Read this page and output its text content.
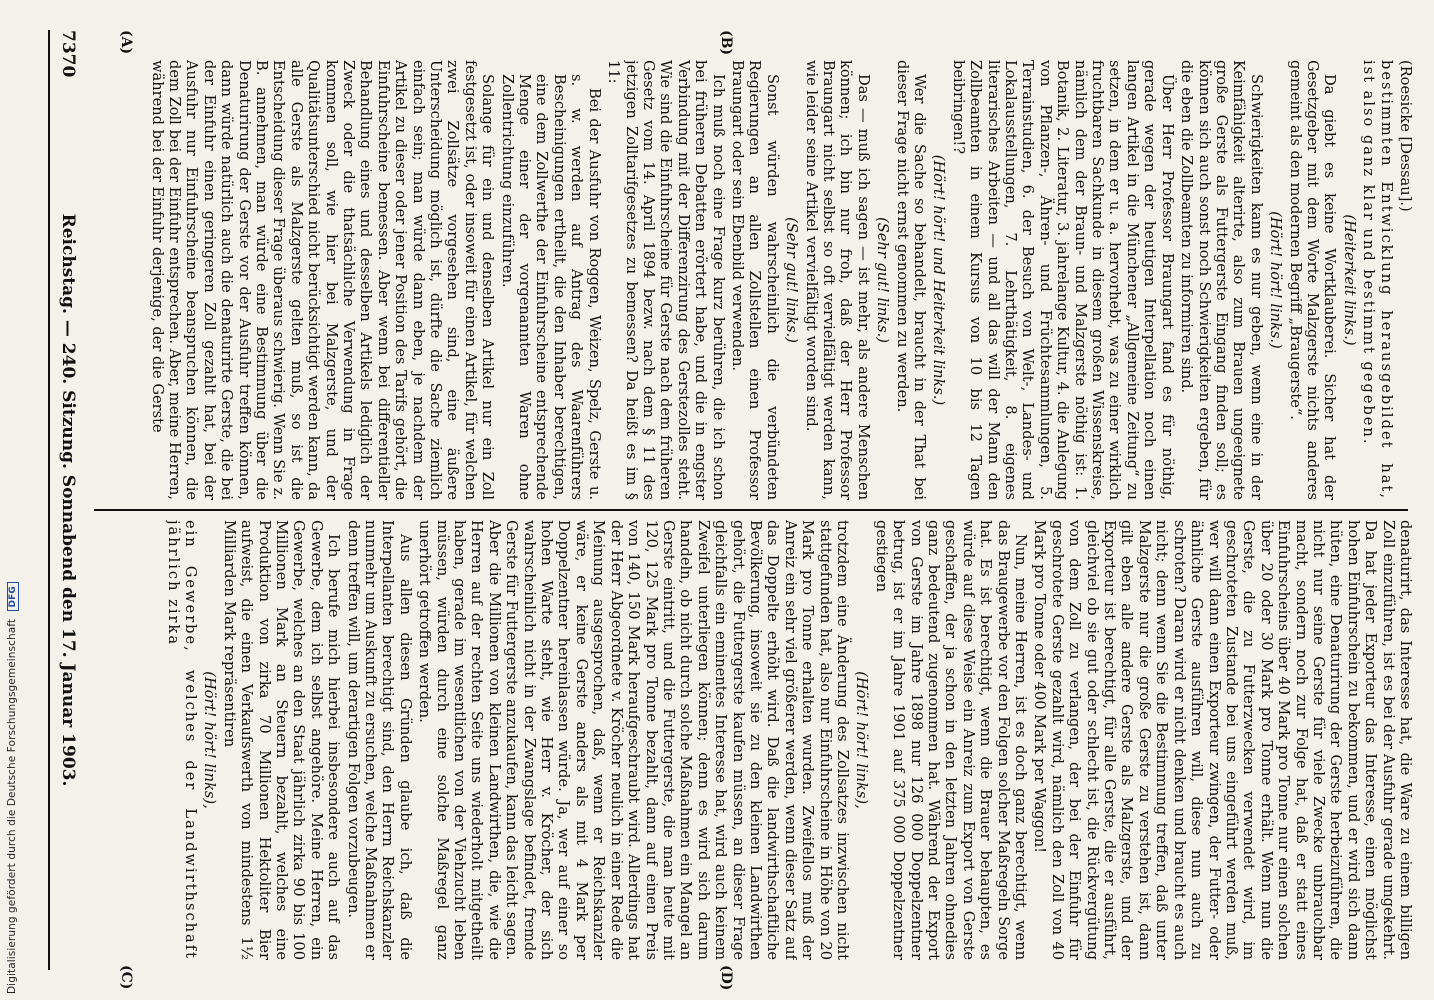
7370
Reichstag. — 240. Sitzung. Sonnabend den 17. Januar 1903.
(A)	(B)
(C)	(D)

(Roesicke [Dessau].)

bestimmten Entwicklung herausgebildet hat, ist also ganz klar und bestimmt gegeben.

(Heiterkeit links.)

Da giebt es keine Wortklauberei. Sicher hat der Gesetzgeber mit dem Worte Malzgerste nichts anderes gemeint als den modernen Begriff „Braugerste“.

(Hört! hört! links.)

Schwierigkeiten kann es nur geben, wenn eine in der Keimfähigkeit alterirte, also zum Brauen ungeeignete große Gerste als Futtergerste Eingang finden soll; es können sich auch sonst noch Schwierigkeiten ergeben, für die eben die Zollbeamten zu informiren sind.

Über Herr Professor Braungart fand es für nöthig, gerade wegen der heutigen Interpellation noch einen langen Artikel in die Münchener „Allgemeine Zeitung“ zu setzen, in dem er u. a. hervorhebt, was zu einer wirklich fruchtbaren Sachkunde in diesem großen Wissenskreise, nämlich dem der Braun- und Malzgerste nöthig ist: 1. Botanik, 2. Literatur, 3. jahrelange Kultur, 4. die Anlegung von Pflanzen-, Ähren- und Früchtesammlungen, 5. Terrainstudien, 6. der Besuch von Welt-, Landes- und Lokalausstellungen, 7. Lehrthätigkeit, 8. eigenes literarisches Arbeiten — und all das will der Mann den Zollbeamten in einem Kursus von 10 bis 12 Tagen beibringen!?

(Hört! hört! und Heiterkeit links.)

Wer die Sache so behandelt, braucht in der That bei dieser Frage nicht ernst genommen zu werden.

(Sehr gut! links.)

Das — muß ich sagen — ist mehr, als andere Menschen können; ich bin nur froh, daß der Herr Professor Braungart nicht selbst so oft vervielfältigt werden kann, wie leider seine Artikel vervielfältigt worden sind.

(Sehr gut! links.)

Sonst würden wahrscheinlich die verbündeten Regierungen an allen Zollstellen einen Professor Braungart oder sein Ebenbild verwenden.

Ich muß noch eine Frage kurz berühren, die ich schon bei früheren Debatten erörtert habe, und die in engster Verbindung mit der Differenzirung des Gerstezolles steht. Wie sind die Einfuhrscheine für Gerste nach dem früheren Gesetz vom 14. April 1894 bezw. nach dem § 11 des jetzigen Zolltarifgesetzes zu bemessen? Da heißt es im § 11:

Bei der Ausfuhr von Roggen, Weizen, Spelz, Gerste u. s. w. werden auf Antrag des Waarenführers Bescheinigungen ertheilt, die den Inhaber berechtigen, eine dem Zollwerthe der Einfuhrscheine entsprechende Menge einer der vorgenannten Waren ohne Zollentrichtung einzuführen.

Solange für ein und denselben Artikel nur ein Zoll festgesetzt ist, oder insoweit für einen Artikel, für welchen zwei Zollsätze vorgesehen sind, eine äußere Unterscheidung möglich ist, dürfte die Sache ziemlich einfach sein; man würde dann eben, je nachdem der Artikel zu dieser oder jener Position des Tarifs gehört, die Einfuhrscheine bemessen. Aber wenn bei differentieller Behandlung eines und desselben Artikels lediglich der Zweck oder die thatsächliche Verwendung in Frage kommen soll, wie hier bei Malzgerste, und der Qualitätsunterschied nicht berücksichtigt werden kann, da alle Gerste als Malzgerste gelten muß, so ist die Entscheidung dieser Frage überaus schwierig. Wenn Sie z. B. annehmen, man würde eine Bestimmung über die Denaturirung der Gerste vor der Ausfuhr treffen können, dann würde natürlich auch die denaturirte Gerste, die bei der Einfuhr einen geringeren Zoll gezahlt hat, bei der Ausfuhr nur Einfuhrscheine beanspruchen können, die dem Zoll bei der Einfuhr entsprechen. Aber, meine Herren, während bei der Einfuhr derjenige, der die Gerste

denaturirt, das Interesse hat, die Ware zu einem billigen Zoll einzuführen, ist es bei der Ausfuhr gerade umgekehrt. Da hat jeder Exporteur das Interesse, einen möglichst hohen Einfuhrschein zu bekommen, und er wird sich dann hüten, eine Denaturirung der Gerste herbeizuführen, die nicht nur seine Gerste für viele Zwecke unbrauchbar macht, sondern noch zur Folge hat, daß er statt eines Einfuhrscheins über 40 Mark pro Tonne nur einen solchen über 20 oder 30 Mark pro Tonne erhält. Wenn nun die Gerste, die zu Futterzwecken verwendet wird, im geschroteten Zustande bei uns eingeführt werden muß, wer will dann einen Exporteur zwingen, der Futter- oder ähnliche Gerste ausführen will, diese nun auch zu schroten? Daran wird er nicht denken und braucht es auch nicht; denn wenn Sie die Bestimmung treffen, daß unter Malzgerste nur die große Gerste zu verstehen ist, dann gilt eben alle andere Gerste als Malzgerste, und der Exporteur ist berechtigt, für alle Gerste, die er ausführt, gleichviel ob sie gut oder schlecht ist, die Rückvergütung von dem Zoll zu verlangen, der bei der Einfuhr für geschrotete Gerste gezahlt wird, nämlich den Zoll von 40 Mark pro Tonne oder 400 Mark per Waggon!

Nun, meine Herren, ist es doch ganz berechtigt, wenn das Braugewerbe vor den Folgen solcher Maßregeln Sorge hat. Es ist berechtigt, wenn die Brauer behaupten, es würde auf diese Weise ein Anreiz zum Export von Gerste geschaffen, der ja schon in den letzten Jahren ohnedies ganz bedeutend zugenommen hat. Während der Export von Gerste im Jahre 1898 nur 126 000 Doppelzentner betrug, ist er im Jahre 1901 auf 375 000 Doppelzentner gestiegen

(Hört! hört! links),

trotzdem eine Änderung des Zollsatzes inzwischen nicht stattgefunden hat, also nur Einfuhrscheine in Höhe von 20 Mark pro Tonne erhalten wurden. Zweifellos muß der Anreiz ein sehr viel größerer werden, wenn dieser Satz auf das Doppelte erhöht wird. Daß die landwirthschaftliche Bevölkerung, insoweit sie zu den kleinen Landwirthen gehört, die Futtergerste kaufen müssen, an dieser Frage gleichfalls ein eminentes Interesse hat, wird auch keinem Zweifel unterliegen können; denn es wird sich darum handeln, ob nicht durch solche Maßnahmen ein Mangel an Gerste eintritt, und die Futtergerste, die man heute mit 120, 125 Mark pro Tonne bezahlt, dann auf einen Preis von 140, 150 Mark heraufgeschraubt wird. Allerdings hat der Herr Abgeordnete v. Kröcher neulich in einer Rede die Meinung ausgesprochen, daß, wenn er Reichskanzler wäre, er keine Gerste anders als mit 4 Mark per Doppelzentner hereinlassen würde. Ja, wer auf einer so hohen Warte steht, wie Herr v. Kröcher, der sich wahrscheinlich nicht in der Zwangslage befindet, fremde Gerste für Futtergerste anzukaufen, kann das leicht sagen. Aber die Millionen von kleinen Landwirthen, die, wie die Herren auf der rechten Seite uns wiederholt mitgetheilt haben, gerade im wesentlichen von der Viehzucht leben müssen, würden durch eine solche Maßregel ganz unerhört getroffen werden.

Aus allen diesen Gründen glaube ich, daß die Interpellanten berechtigt sind, den Herrn Reichskanzler nunmehr um Auskunft zu ersuchen, welche Maßnahmen er denn treffen will, um derartigen Folgen vorzubeugen.

Ich berufe mich hierbei insbesondere auch auf das Gewerbe, dem ich selbst angehöre. Meine Herren, ein Gewerbe, welches an den Staat jährlich zirka 90 bis 100 Millionen Mark an Steuern bezahlt, welches eine Produktion von zirka 70 Millionen Hektoliter Bier aufweist, die einen Verkaufswerth von mindestens 1½ Milliarden Mark repräsentiren

(Hört! hört! links),

ein Gewerbe, welches der Landwirthschaft jährlich zirka

Digitalisierung gefördert durch die Deutsche Forschungsgemeinschaft DFG
